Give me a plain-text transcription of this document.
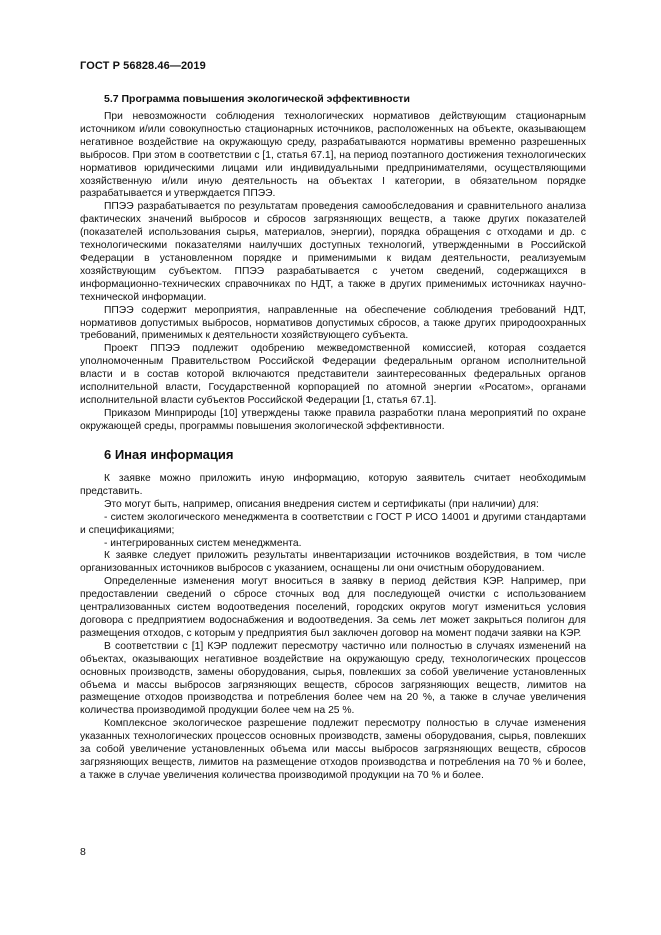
ГОСТ Р 56828.46—2019
5.7 Программа повышения экологической эффективности

При невозможности соблюдения технологических нормативов действующим стационарным источником и/или совокупностью стационарных источников, расположенных на объекте, оказывающем негативное воздействие на окружающую среду, разрабатываются нормативы временно разрешенных выбросов. При этом в соответствии с [1, статья 67.1], на период поэтапного достижения технологических нормативов юридическими лицами или индивидуальными предпринимателями, осуществляющими хозяйственную и/или иную деятельность на объектах I категории, в обязательном порядке разрабатывается и утверждается ППЭЭ.

ППЭЭ разрабатывается по результатам проведения самообследования и сравнительного анализа фактических значений выбросов и сбросов загрязняющих веществ, а также других показателей (показателей использования сырья, материалов, энергии), порядка обращения с отходами и др. с технологическими показателями наилучших доступных технологий, утвержденными в Российской Федерации в установленном порядке и применимыми к видам деятельности, реализуемым хозяйствующим субъектом. ППЭЭ разрабатывается с учетом сведений, содержащихся в информационно-технических справочниках по НДТ, а также в других применимых источниках научно-технической информации.

ППЭЭ содержит мероприятия, направленные на обеспечение соблюдения требований НДТ, нормативов допустимых выбросов, нормативов допустимых сбросов, а также других природоохранных требований, применимых к деятельности хозяйствующего субъекта.

Проект ППЭЭ подлежит одобрению межведомственной комиссией, которая создается уполномоченным Правительством Российской Федерации федеральным органом исполнительной власти и в состав которой включаются представители заинтересованных федеральных органов исполнительной власти, Государственной корпорацией по атомной энергии «Росатом», органами исполнительной власти субъектов Российской Федерации [1, статья 67.1].

Приказом Минприроды [10] утверждены также правила разработки плана мероприятий по охране окружающей среды, программы повышения экологической эффективности.

6 Иная информация

К заявке можно приложить иную информацию, которую заявитель считает необходимым представить.

Это могут быть, например, описания внедрения систем и сертификаты (при наличии) для:

- систем экологического менеджмента в соответствии с ГОСТ Р ИСО 14001 и другими стандартами и спецификациями;

- интегрированных систем менеджмента.

К заявке следует приложить результаты инвентаризации источников воздействия, в том числе организованных источников выбросов с указанием, оснащены ли они очистным оборудованием.

Определенные изменения могут вноситься в заявку в период действия КЭР. Например, при предоставлении сведений о сбросе сточных вод для последующей очистки с использованием централизованных систем водоотведения поселений, городских округов могут измениться условия договора с предприятием водоснабжения и водоотведения. За семь лет может закрыться полигон для размещения отходов, с которым у предприятия был заключен договор на момент подачи заявки на КЭР.

В соответствии с [1] КЭР подлежит пересмотру частично или полностью в случаях изменений на объектах, оказывающих негативное воздействие на окружающую среду, технологических процессов основных производств, замены оборудования, сырья, повлекших за собой увеличение установленных объема и массы выбросов загрязняющих веществ, сбросов загрязняющих веществ, лимитов на размещение отходов производства и потребления более чем на 20 %, а также в случае увеличения количества производимой продукции более чем на 25 %.

Комплексное экологическое разрешение подлежит пересмотру полностью в случае изменения указанных технологических процессов основных производств, замены оборудования, сырья, повлекших за собой увеличение установленных объема или массы выбросов загрязняющих веществ, сбросов загрязняющих веществ, лимитов на размещение отходов производства и потребления на 70 % и более, а также в случае увеличения количества производимой продукции на 70 % и более.

8
